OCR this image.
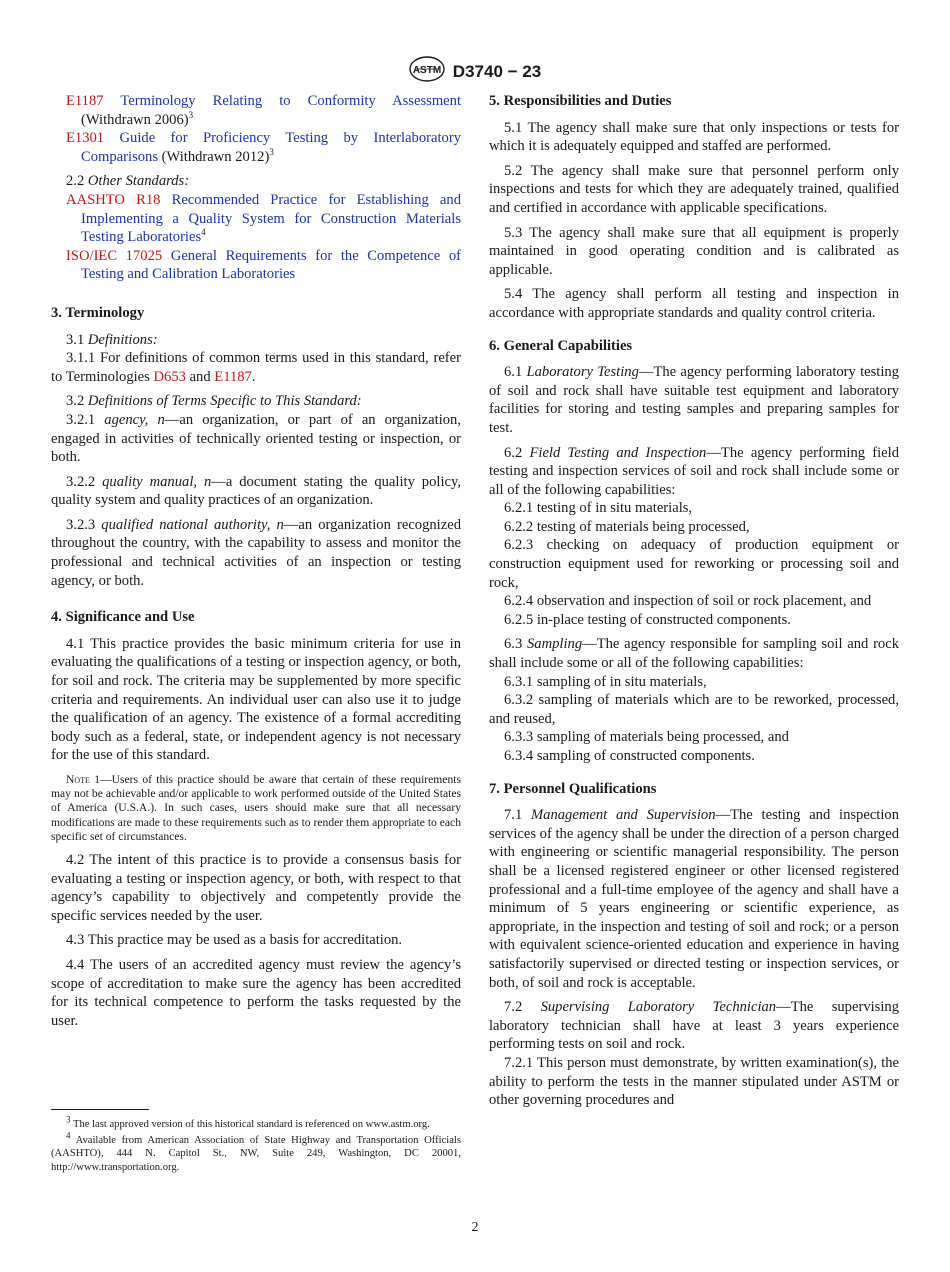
ASTM D3740 − 23

E1187 Terminology Relating to Conformity Assessment (Withdrawn 2006)$^3$

E1301 Guide for Proficiency Testing by Interlaboratory Comparisons (Withdrawn 2012)$^3$

2.2 Other Standards:

AASHTO R18 Recommended Practice for Establishing and Implementing a Quality System for Construction Materials Testing Laboratories$^4$

ISO/IEC 17025 General Requirements for the Competence of Testing and Calibration Laboratories

3. Terminology

3.1 Definitions:

3.1.1 For definitions of common terms used in this standard, refer to Terminologies D653 and E1187.

3.2 Definitions of Terms Specific to This Standard:

3.2.1 agency, n—an organization, or part of an organization, engaged in activities of technically oriented testing or inspection, or both.

3.2.2 quality manual, n—a document stating the quality policy, quality system and quality practices of an organization.

3.2.3 qualified national authority, n—an organization recognized throughout the country, with the capability to assess and monitor the professional and technical activities of an inspection or testing agency, or both.

4. Significance and Use

4.1 This practice provides the basic minimum criteria for use in evaluating the qualifications of a testing or inspection agency, or both, for soil and rock. The criteria may be supplemented by more specific criteria and requirements. An individual user can also use it to judge the qualification of an agency. The existence of a formal accrediting body such as a federal, state, or independent agency is not necessary for the use of this standard.

Note 1—Users of this practice should be aware that certain of these requirements may not be achievable and/or applicable to work performed outside of the United States of America (U.S.A.). In such cases, users should make sure that all necessary modifications are made to these requirements such as to render them appropriate to each specific set of circumstances.

4.2 The intent of this practice is to provide a consensus basis for evaluating a testing or inspection agency, or both, with respect to that agency’s capability to objectively and competently provide the specific services needed by the user.

4.3 This practice may be used as a basis for accreditation.

4.4 The users of an accredited agency must review the agency’s scope of accreditation to make sure the agency has been accredited for its technical competence to perform the tasks requested by the user.

$^3$ The last approved version of this historical standard is referenced on www.astm.org.

$^4$ Available from American Association of State Highway and Transportation Officials (AASHTO), 444 N. Capitol St., NW, Suite 249, Washington, DC 20001, http://www.transportation.org.

5. Responsibilities and Duties

5.1 The agency shall make sure that only inspections or tests for which it is adequately equipped and staffed are performed.

5.2 The agency shall make sure that personnel perform only inspections and tests for which they are adequately trained, qualified and certified in accordance with applicable specifications.

5.3 The agency shall make sure that all equipment is properly maintained in good operating condition and is calibrated as applicable.

5.4 The agency shall perform all testing and inspection in accordance with appropriate standards and quality control criteria.

6. General Capabilities

6.1 Laboratory Testing—The agency performing laboratory testing of soil and rock shall have suitable test equipment and laboratory facilities for storing and testing samples and preparing samples for test.

6.2 Field Testing and Inspection—The agency performing field testing and inspection services of soil and rock shall include some or all of the following capabilities:

6.2.1 testing of in situ materials,

6.2.2 testing of materials being processed,

6.2.3 checking on adequacy of production equipment or construction equipment used for reworking or processing soil and rock,

6.2.4 observation and inspection of soil or rock placement, and

6.2.5 in-place testing of constructed components.

6.3 Sampling—The agency responsible for sampling soil and rock shall include some or all of the following capabilities:

6.3.1 sampling of in situ materials,

6.3.2 sampling of materials which are to be reworked, processed, and reused,

6.3.3 sampling of materials being processed, and

6.3.4 sampling of constructed components.

7. Personnel Qualifications

7.1 Management and Supervision—The testing and inspection services of the agency shall be under the direction of a person charged with engineering or scientific managerial responsibility. The person shall be a licensed registered engineer or other licensed registered professional and a full-time employee of the agency and shall have a minimum of 5 years engineering or scientific experience, as appropriate, in the inspection and testing of soil and rock; or a person with equivalent science-oriented education and experience in having satisfactorily supervised or directed testing or inspection services, or both, of soil and rock is acceptable.

7.2 Supervising Laboratory Technician—The supervising laboratory technician shall have at least 3 years experience performing tests on soil and rock.

7.2.1 This person must demonstrate, by written examination(s), the ability to perform the tests in the manner stipulated under ASTM or other governing procedures and

2
